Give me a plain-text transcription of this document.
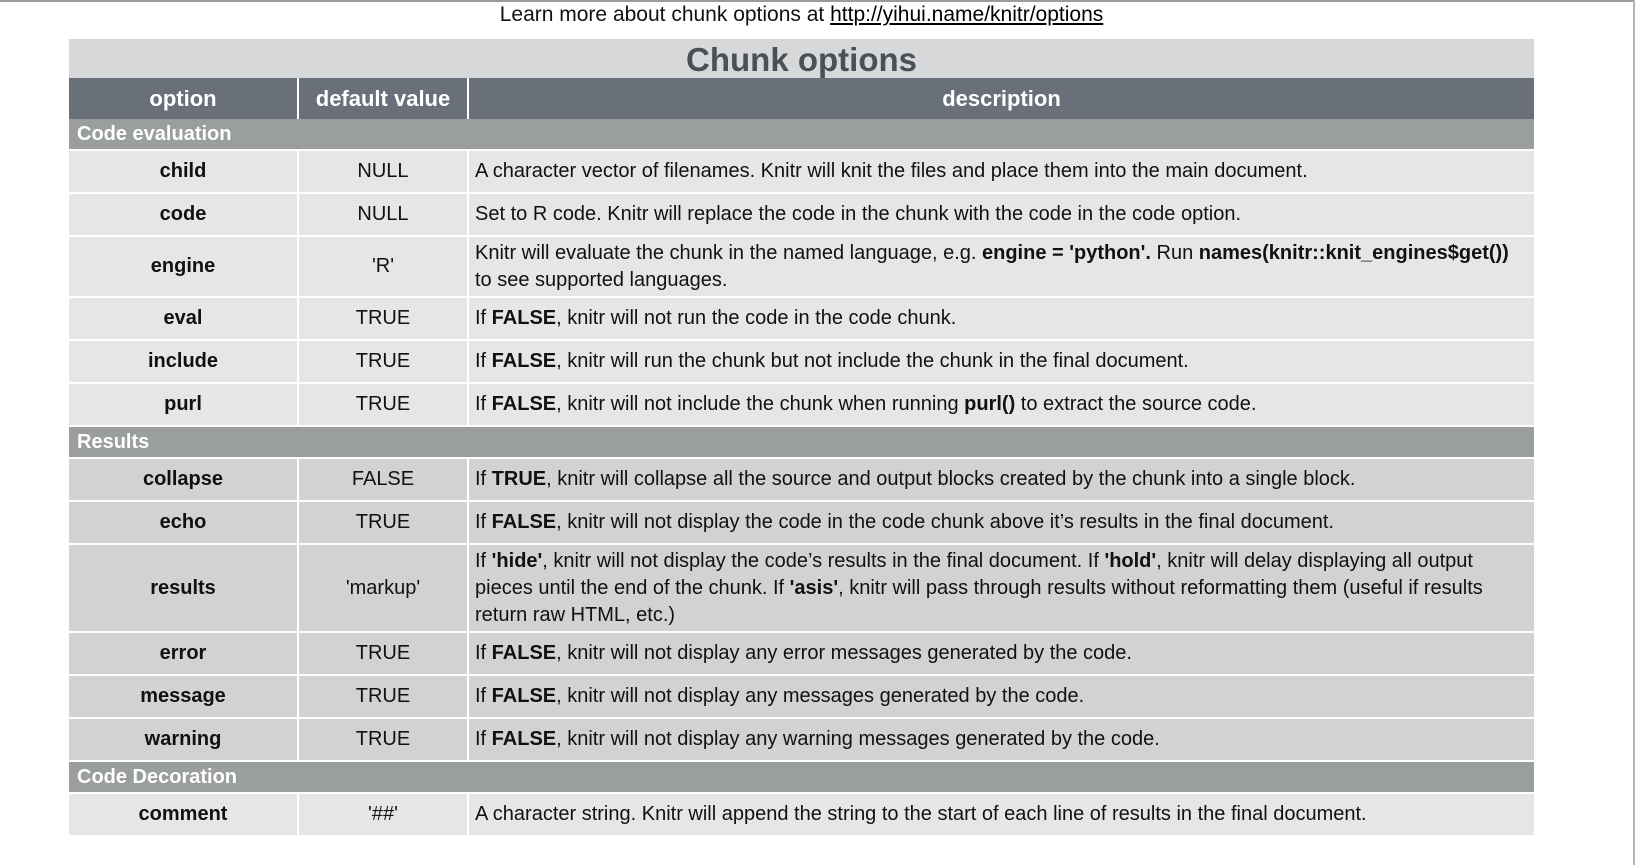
Learn more about chunk options at http://yihui.name/knitr/options
Chunk options
option	default value	description
Code evaluation		
child	NULL	A character vector of filenames. Knitr will knit the files and place them into the main document.
code	NULL	Set to R code. Knitr will replace the code in the chunk with the code in the code option.
engine	'R'	Knitr will evaluate the chunk in the named language, e.g. engine = 'python'. Run names(knitr::knit_engines$get()) to see supported languages.
eval	TRUE	If FALSE, knitr will not run the code in the code chunk.
include	TRUE	If FALSE, knitr will run the chunk but not include the chunk in the final document.
purl	TRUE	If FALSE, knitr will not include the chunk when running purl() to extract the source code.
Results		
collapse	FALSE	If TRUE, knitr will collapse all the source and output blocks created by the chunk into a single block.
echo	TRUE	If FALSE, knitr will not display the code in the code chunk above it’s results in the final document.
results	'markup'	If 'hide', knitr will not display the code’s results in the final document. If 'hold', knitr will delay displaying all output pieces until the end of the chunk. If 'asis', knitr will pass through results without reformatting them (useful if results return raw HTML, etc.)
error	TRUE	If FALSE, knitr will not display any error messages generated by the code.
message	TRUE	If FALSE, knitr will not display any messages generated by the code.
warning	TRUE	If FALSE, knitr will not display any warning messages generated by the code.
Code Decoration		
comment	'##'	A character string. Knitr will append the string to the start of each line of results in the final document.
